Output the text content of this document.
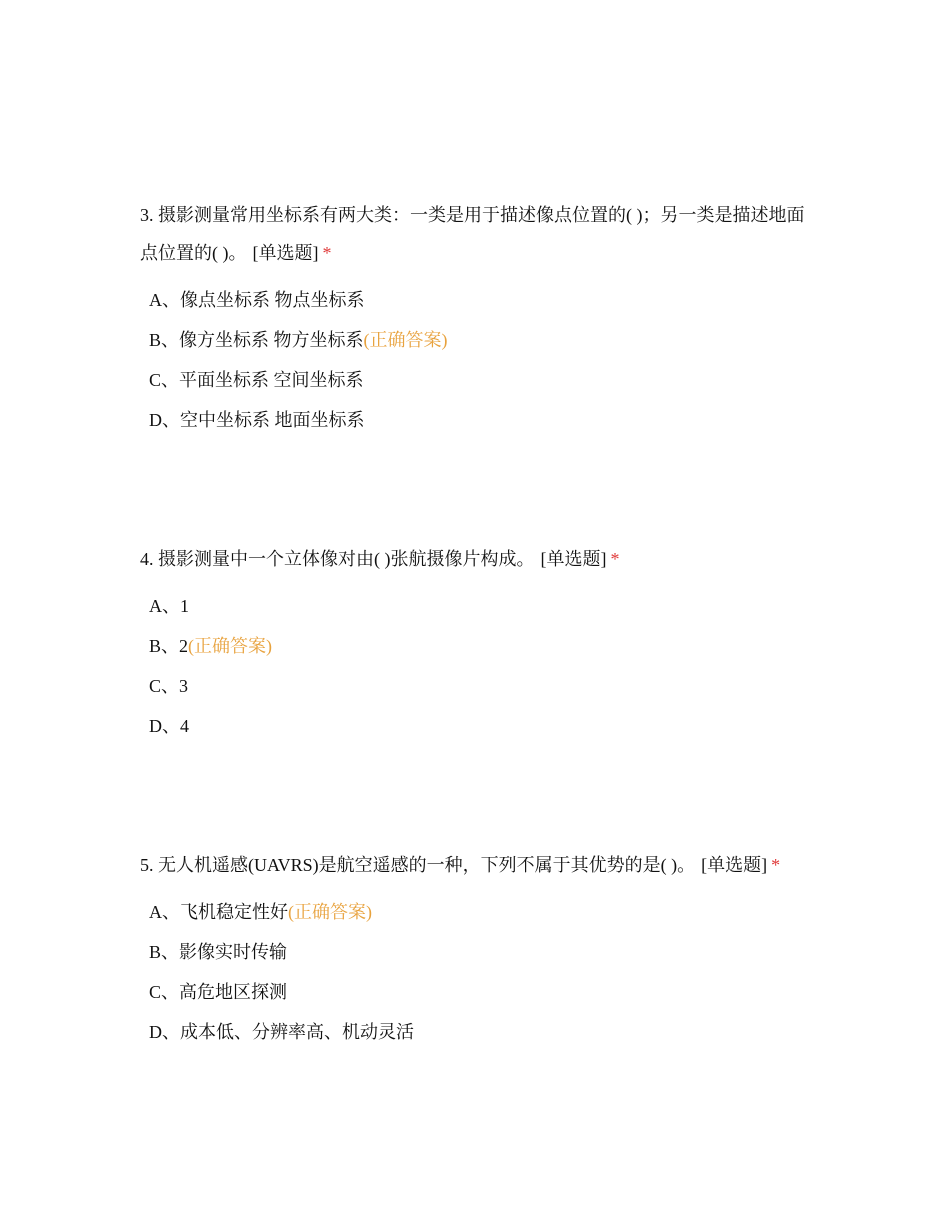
3. 摄影测量常用坐标系有两大类：一类是用于描述像点位置的( )；另一类是描述地面点位置的( )。 [单选题] *

A、像点坐标系 物点坐标系
B、像方坐标系 物方坐标系(正确答案)
C、平面坐标系 空间坐标系
D、空中坐标系 地面坐标系

4. 摄影测量中一个立体像对由( )张航摄像片构成。 [单选题] *

A、1
B、2(正确答案)
C、3
D、4

5. 无人机遥感(UAVRS)是航空遥感的一种，下列不属于其优势的是( )。 [单选题] *

A、飞机稳定性好(正确答案)
B、影像实时传输
C、高危地区探测
D、成本低、分辨率高、机动灵活
